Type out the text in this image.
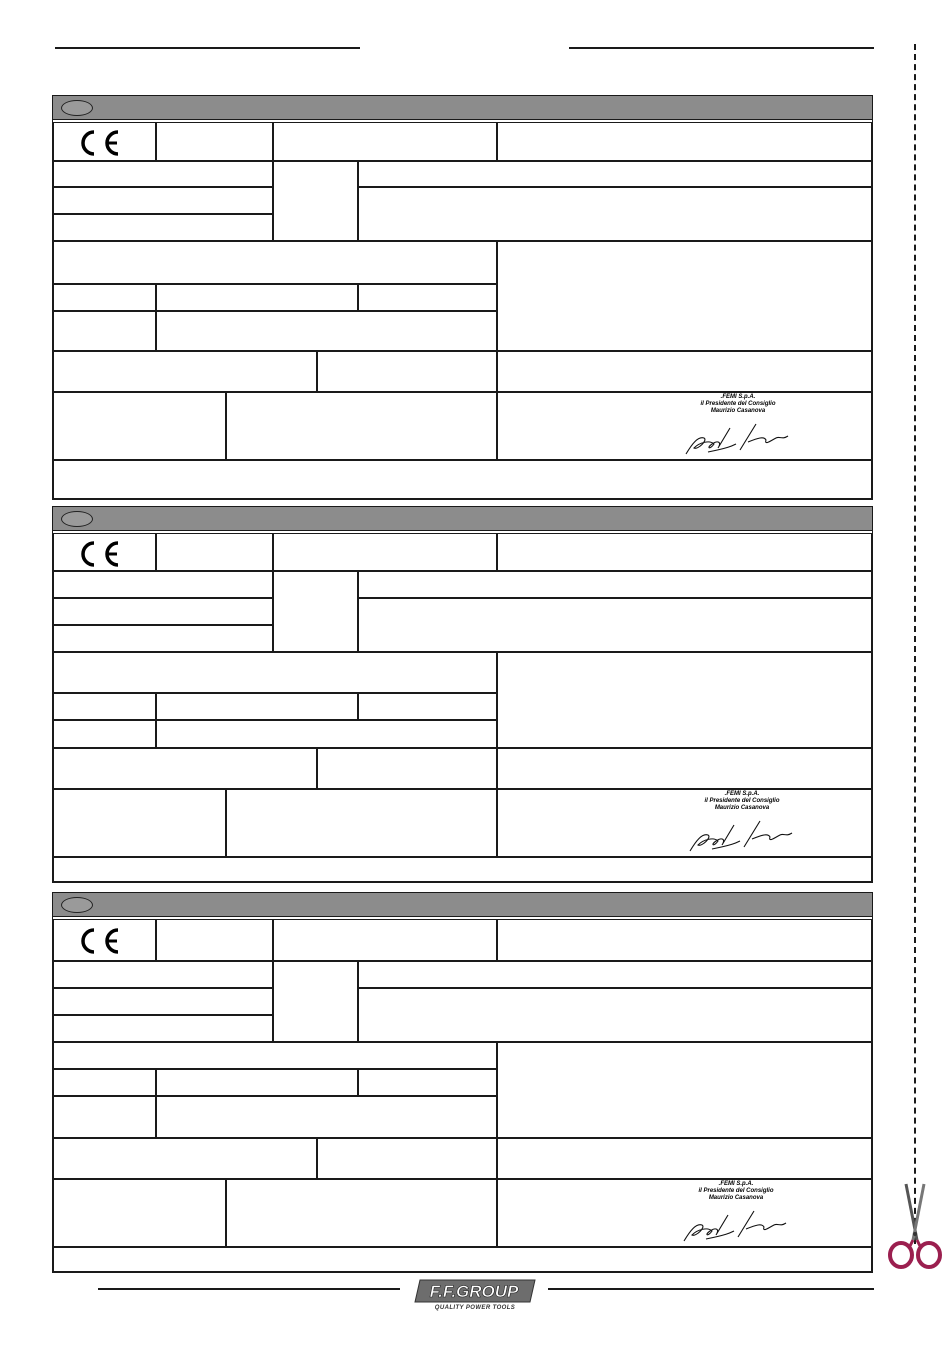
.FEMI S.p.A.
il Presidente del Consiglio
Maurizio Casanova
.FEMI S.p.A.
il Presidente del Consiglio
Maurizio Casanova
.FEMI S.p.A.
il Presidente del Consiglio
Maurizio Casanova
F.F.GROUP
QUALITY POWER TOOLS
